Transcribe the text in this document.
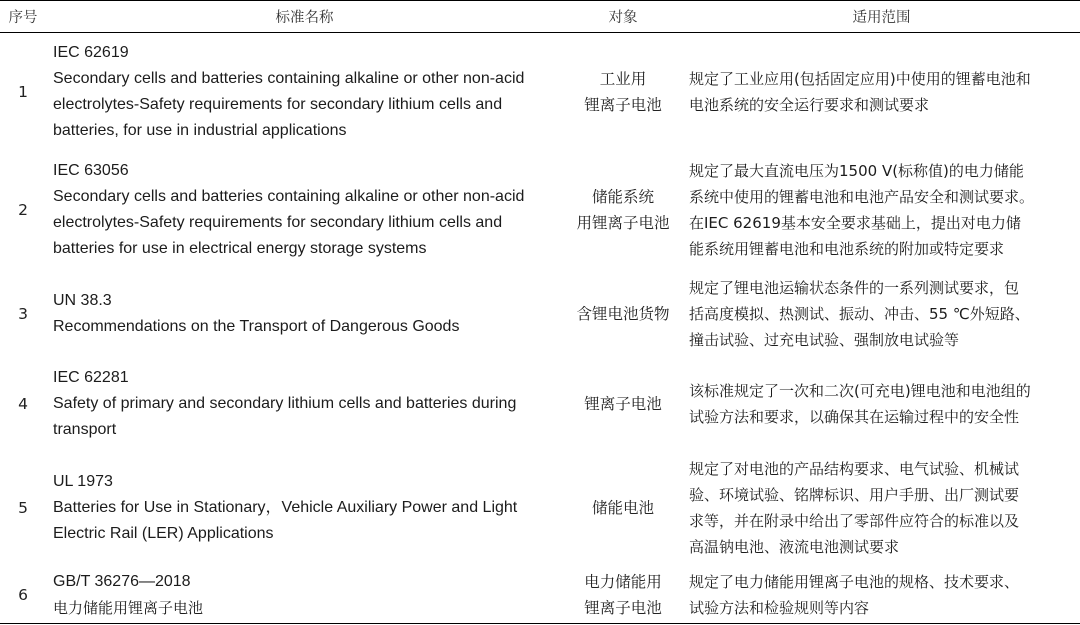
序号	标准名称	对象	适用范围
1	IEC 62619
Secondary cells and batteries containing alkaline or other non-acid
electrolytes-Safety requirements for secondary lithium cells and
batteries, for use in industrial applications	工业用
锂离子电池	规定了工业应用(包括固定应用)中使用的锂蓄电池和
电池系统的安全运行要求和测试要求

2	IEC 63056
Secondary cells and batteries containing alkaline or other non-acid
electrolytes-Safety requirements for secondary lithium cells and
batteries for use in electrical energy storage systems	储能系统
用锂离子电池	规定了最大直流电压为1500 V(标称值)的电力储能
系统中使用的锂蓄电池和电池产品安全和测试要求。
在IEC 62619基本安全要求基础上，提出对电力储
能系统用锂蓄电池和电池系统的附加或特定要求

3	UN 38.3
Recommendations on the Transport of Dangerous Goods	含锂电池货物	规定了锂电池运输状态条件的一系列测试要求，包
括高度模拟、热测试、振动、冲击、55 ℃外短路、
撞击试验、过充电试验、强制放电试验等

4	IEC 62281
Safety of primary and secondary lithium cells and batteries during
transport	锂离子电池	该标准规定了一次和二次(可充电)锂电池和电池组的
试验方法和要求，以确保其在运输过程中的安全性

5	UL 1973
Batteries for Use in Stationary，Vehicle Auxiliary Power and Light
Electric Rail (LER) Applications	储能电池	规定了对电池的产品结构要求、电气试验、机械试
验、环境试验、铭牌标识、用户手册、出厂测试要
求等，并在附录中给出了零部件应符合的标准以及
高温钠电池、液流电池测试要求

6	GB/T 36276—2018
电力储能用锂离子电池	电力储能用
锂离子电池	规定了电力储能用锂离子电池的规格、技术要求、
试验方法和检验规则等内容
